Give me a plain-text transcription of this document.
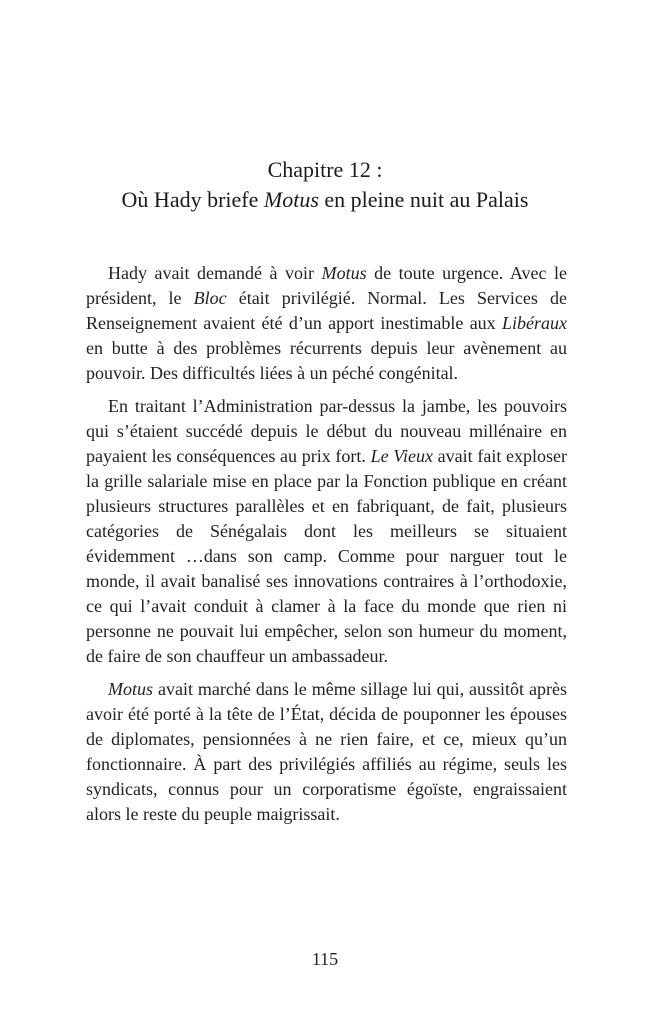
Chapitre 12 :
Où Hady briefe Motus en pleine nuit au Palais

Hady avait demandé à voir Motus de toute urgence. Avec le président, le Bloc était privilégié. Normal. Les Services de Renseignement avaient été d’un apport inestimable aux Libéraux en butte à des problèmes récurrents depuis leur avènement au pouvoir. Des difficultés liées à un péché congénital.

En traitant l’Administration par-dessus la jambe, les pouvoirs qui s’étaient succédé depuis le début du nouveau millénaire en payaient les conséquences au prix fort. Le Vieux avait fait exploser la grille salariale mise en place par la Fonction publique en créant plusieurs structures parallèles et en fabriquant, de fait, plusieurs catégories de Sénégalais dont les meilleurs se situaient évidemment …dans son camp. Comme pour narguer tout le monde, il avait banalisé ses innovations contraires à l’orthodoxie, ce qui l’avait conduit à clamer à la face du monde que rien ni personne ne pouvait lui empêcher, selon son humeur du moment, de faire de son chauffeur un ambassadeur.

Motus avait marché dans le même sillage lui qui, aussitôt après avoir été porté à la tête de l’État, décida de pouponner les épouses de diplomates, pensionnées à ne rien faire, et ce, mieux qu’un fonctionnaire. À part des privilégiés affiliés au régime, seuls les syndicats, connus pour un corporatisme égoïste, engraissaient alors le reste du peuple maigrissait.

115
